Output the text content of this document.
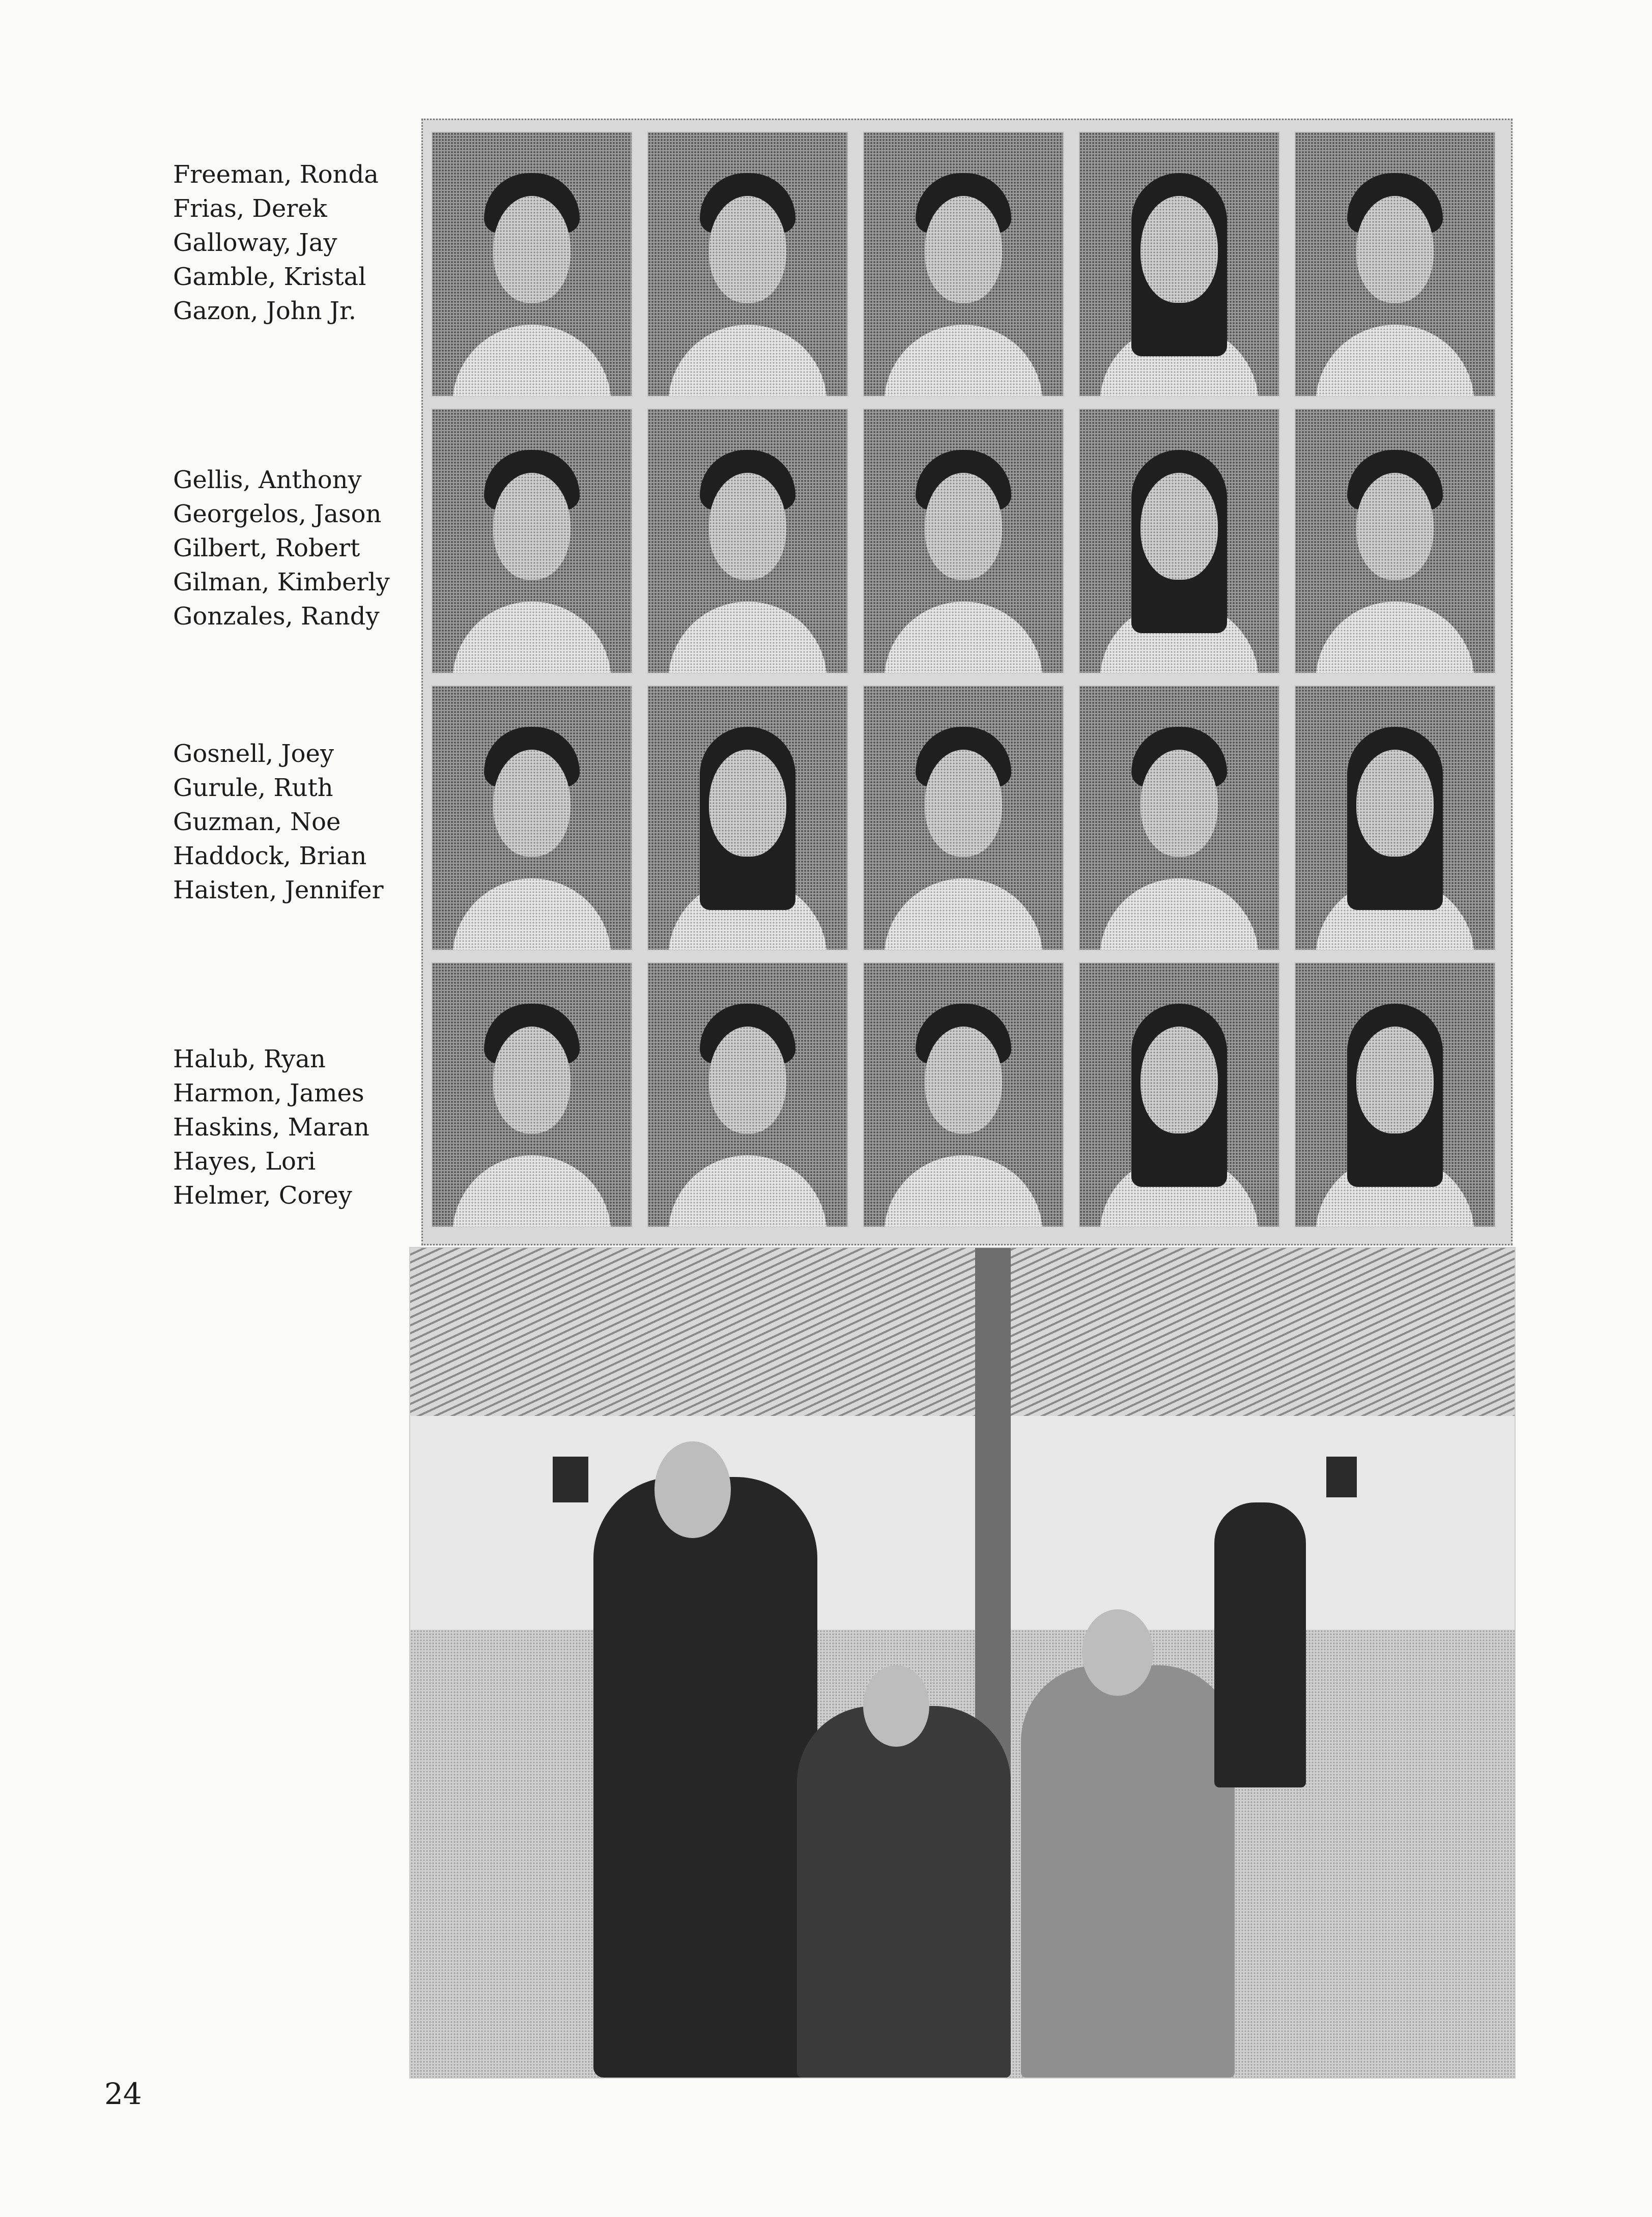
Freeman, Ronda
Frias, Derek
Galloway, Jay
Gamble, Kristal
Gazon, John Jr.
Gellis, Anthony
Georgelos, Jason
Gilbert, Robert
Gilman, Kimberly
Gonzales, Randy
Gosnell, Joey
Gurule, Ruth
Guzman, Noe
Haddock, Brian
Haisten, Jennifer
Halub, Ryan
Harmon, James
Haskins, Maran
Hayes, Lori
Helmer, Corey
24
